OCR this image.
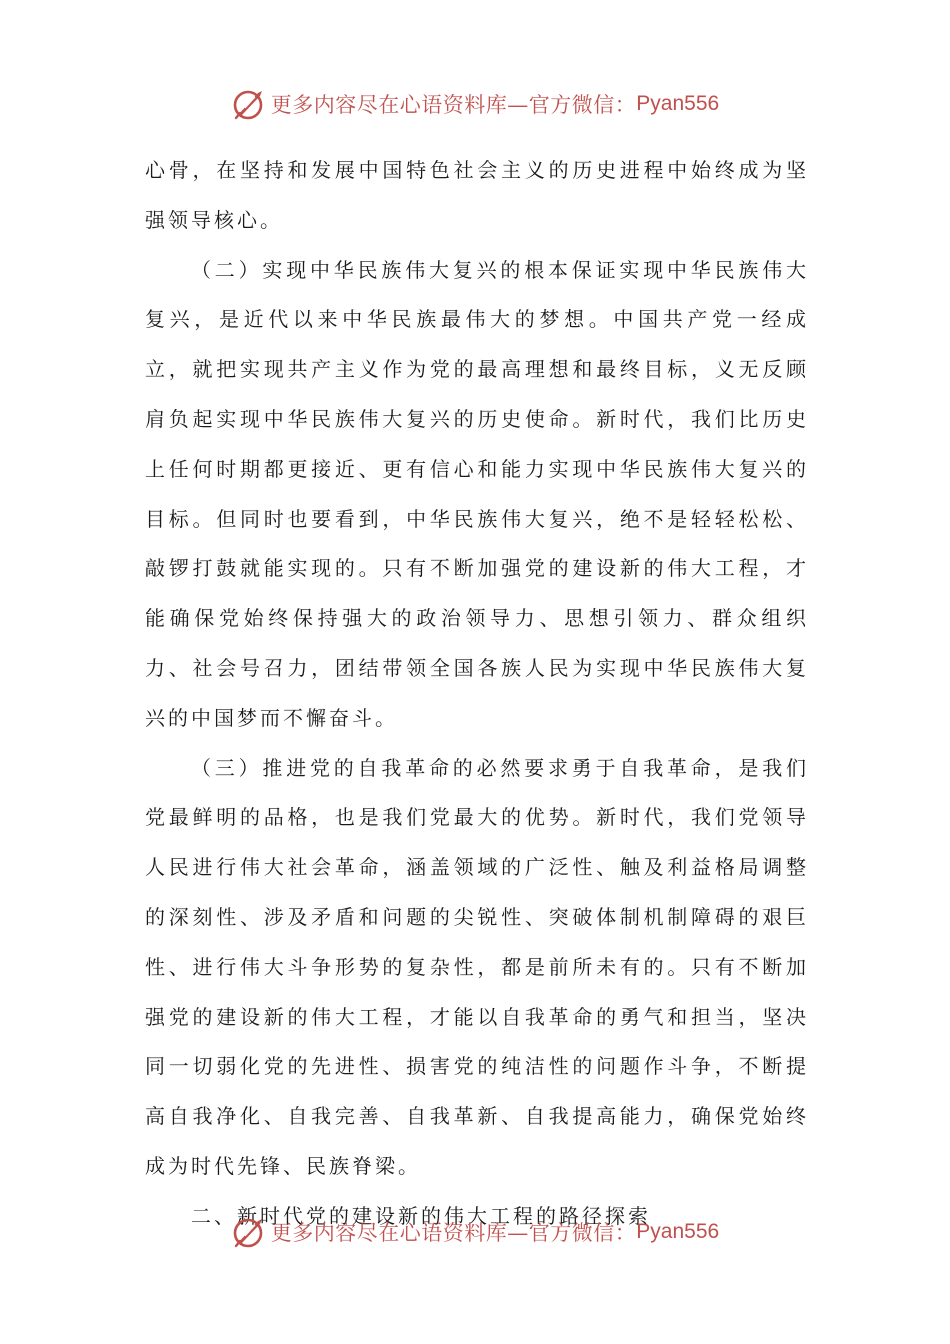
更多内容尽在心语资料库—官方微信： Pyan556

心骨，在坚持和发展中国特色社会主义的历史进程中始终成为坚强领导核心。

（二）实现中华民族伟大复兴的根本保证实现中华民族伟大复兴，是近代以来中华民族最伟大的梦想。中国共产党一经成立，就把实现共产主义作为党的最高理想和最终目标，义无反顾肩负起实现中华民族伟大复兴的历史使命。新时代，我们比历史上任何时期都更接近、更有信心和能力实现中华民族伟大复兴的目标。但同时也要看到，中华民族伟大复兴，绝不是轻轻松松、敲锣打鼓就能实现的。只有不断加强党的建设新的伟大工程，才能确保党始终保持强大的政治领导力、思想引领力、群众组织力、社会号召力，团结带领全国各族人民为实现中华民族伟大复兴的中国梦而不懈奋斗。

（三）推进党的自我革命的必然要求勇于自我革命，是我们党最鲜明的品格，也是我们党最大的优势。新时代，我们党领导人民进行伟大社会革命，涵盖领域的广泛性、触及利益格局调整的深刻性、涉及矛盾和问题的尖锐性、突破体制机制障碍的艰巨性、进行伟大斗争形势的复杂性，都是前所未有的。只有不断加强党的建设新的伟大工程，才能以自我革命的勇气和担当，坚决同一切弱化党的先进性、损害党的纯洁性的问题作斗争，不断提高自我净化、自我完善、自我革新、自我提高能力，确保党始终成为时代先锋、民族脊梁。

二、新时代党的建设新的伟大工程的路径探索

更多内容尽在心语资料库—官方微信： Pyan556
